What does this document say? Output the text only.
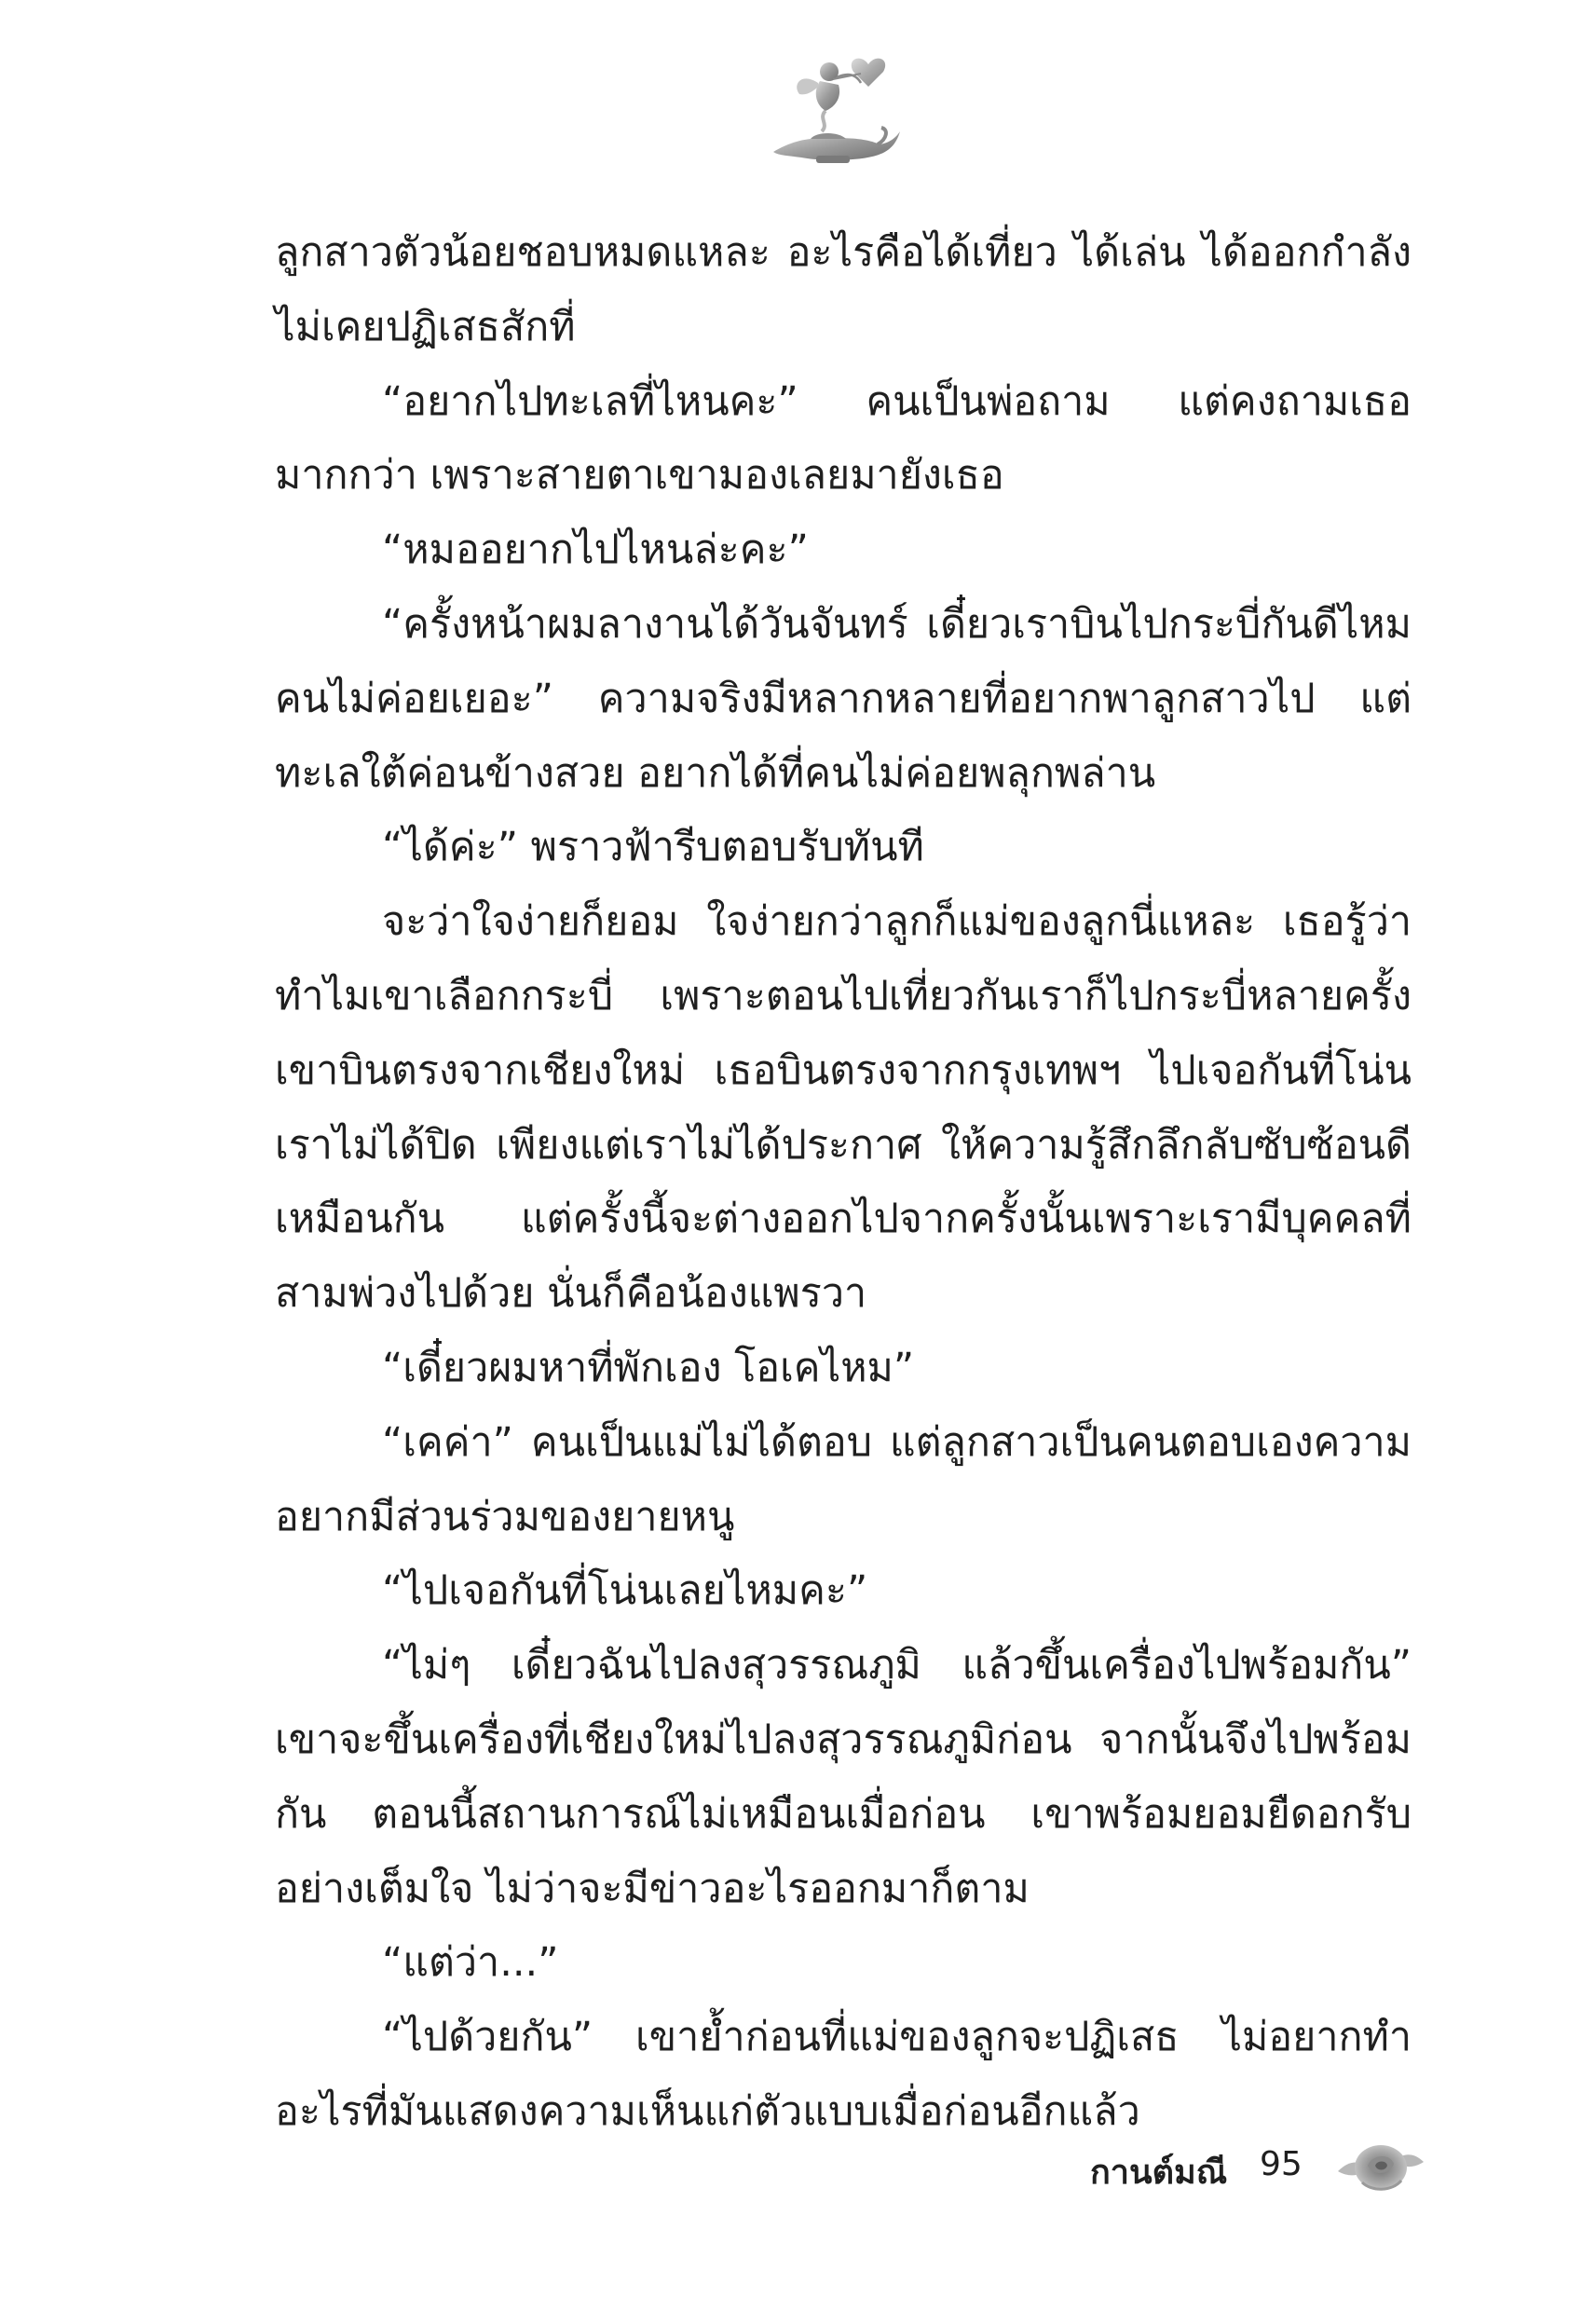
ลูกสาวตัวน้อยชอบหมดแหละ อะไรคือได้เที่ยว ได้เล่น ได้ออกกำลัง ไม่เคยปฏิเสธสักที่

“อยากไปทะเลที่ไหนคะ” คนเป็นพ่อถาม แต่คงถามเธอมากกว่า เพราะสายตาเขามองเลยมายังเธอ

“หมออยากไปไหนล่ะคะ”

“ครั้งหน้าผมลางานได้วันจันทร์ เดี๋ยวเราบินไปกระบี่กันดีไหม คนไม่ค่อยเยอะ” ความจริงมีหลากหลายที่อยากพาลูกสาวไป แต่ทะเลใต้ค่อนข้างสวย อยากได้ที่คนไม่ค่อยพลุกพล่าน

“ได้ค่ะ” พราวฟ้ารีบตอบรับทันที

จะว่าใจง่ายก็ยอม ใจง่ายกว่าลูกก็แม่ของลูกนี่แหละ เธอรู้ว่าทำไมเขาเลือกกระบี่ เพราะตอนไปเที่ยวกันเราก็ไปกระบี่หลายครั้ง เขาบินตรงจากเชียงใหม่ เธอบินตรงจากกรุงเทพฯ ไปเจอกันที่โน่น เราไม่ได้ปิด เพียงแต่เราไม่ได้ประกาศ ให้ความรู้สึกลึกลับซับซ้อนดีเหมือนกัน แต่ครั้งนี้จะต่างออกไปจากครั้งนั้นเพราะเรามีบุคคลที่สามพ่วงไปด้วย นั่นก็คือน้องแพรวา

“เดี๋ยวผมหาที่พักเอง โอเคไหม”

“เคค่า” คนเป็นแม่ไม่ได้ตอบ แต่ลูกสาวเป็นคนตอบเองความอยากมีส่วนร่วมของยายหนู

“ไปเจอกันที่โน่นเลยไหมคะ”

“ไม่ๆ เดี๋ยวฉันไปลงสุวรรณภูมิ แล้วขึ้นเครื่องไปพร้อมกัน” เขาจะขึ้นเครื่องที่เชียงใหม่ไปลงสุวรรณภูมิก่อน จากนั้นจึงไปพร้อมกัน ตอนนี้สถานการณ์ไม่เหมือนเมื่อก่อน เขาพร้อมยอมยืดอกรับอย่างเต็มใจ ไม่ว่าจะมีข่าวอะไรออกมาก็ตาม

“แต่ว่า...”

“ไปด้วยกัน” เขาย้ำก่อนที่แม่ของลูกจะปฏิเสธ ไม่อยากทำอะไรที่มันแสดงความเห็นแก่ตัวแบบเมื่อก่อนอีกแล้ว

กานต์มณี 95
